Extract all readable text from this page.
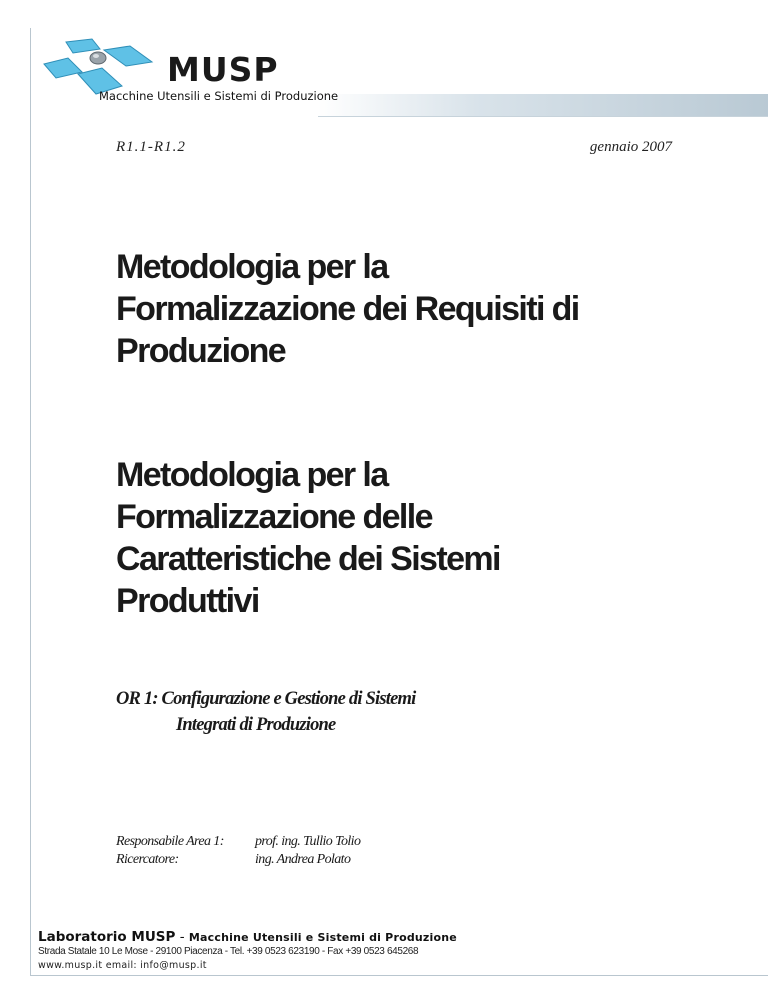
MUSP

Macchine Utensili e Sistemi di Produzione

R1.1-R1.2	gennaio 2007

Metodologia per la
Formalizzazione dei Requisiti di
Produzione
Metodologia per la
Formalizzazione delle
Caratteristiche dei Sistemi
Produttivi

OR 1: Configurazione e Gestione di Sistemi
Integrati di Produzione

Responsabile Area 1:	prof. ing. Tullio Tolio
Ricercatore:	ing. Andrea Polato

Laboratorio MUSP - Macchine Utensili e Sistemi di Produzione

Strada Statale 10 Le Mose - 29100 Piacenza - Tel. +39 0523 623190 - Fax +39 0523 645268

www.musp.it email: info@musp.it
